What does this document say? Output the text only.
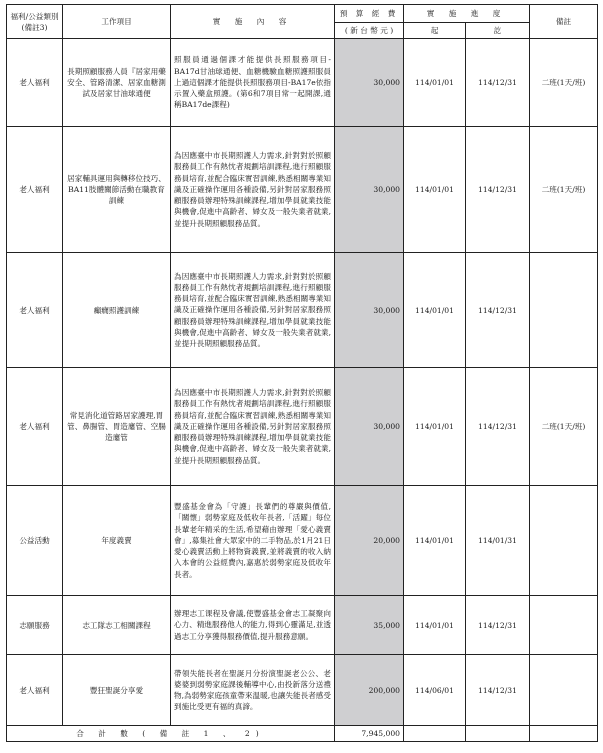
福利/公益類別(備註3)	工作項目	實 施 內 容	預 算 經 費	實 施 進 度		備註
			( 新 台 幣 元 )	起	訖	
老人福利	長期照顧服務人員『居家用藥安全、管路清潔、居家血糖測試及居家甘油球通便	照服員通過個課才能提供長照服務項目-BA17d甘油球通便、血糖機驗血糖照護照服員上過這個課才能提供長照服務項目-BA17e依指示置入藥盒照護。(第6和7項目常一起開課,通稱BA17de課程)	30,000	114/01/01	114/12/31	二班(1天/班)
老人福利	居家輔具運用與轉移位技巧、BA11肢體關節活動在職教育訓練	為因應臺中市長期照護人力需求,針對對於照顧服務員工作有熱忱者規劃培訓課程,進行照顧服務員培育,並配合臨床實習訓練,熟悉相關專業知識及正確操作運用各種設備,另針對居家服務照顧服務員辦理特殊訓練課程,增加學員就業技能與機會,促進中高齡者、婦女及一般失業者就業,並提升長期照顧服務品質。	30,000	114/01/01	114/12/31	二班(1天/班)
老人福利	癲癇照護訓練	為因應臺中市長期照護人力需求,針對對於照顧服務員工作有熱忱者規劃培訓課程,進行照顧服務員培育,並配合臨床實習訓練,熟悉相關專業知識及正確操作運用各種設備,另針對居家服務照顧服務員辦理特殊訓練課程,增加學員就業技能與機會,促進中高齡者、婦女及一般失業者就業,並提升長期照顧服務品質。	30,000	114/01/01	114/12/31	
老人福利	常見消化道管路居家護理,胃管、鼻腸管、胃造廔管、空腸造廔管	為因應臺中市長期照護人力需求,針對對於照顧服務員工作有熱忱者規劃培訓課程,進行照顧服務員培育,並配合臨床實習訓練,熟悉相關專業知識及正確操作運用各種設備,另針對居家服務照顧服務員辦理特殊訓練課程,增加學員就業技能與機會,促進中高齡者、婦女及一般失業者就業,並提升長期照顧服務品質。	30,000	114/01/01	114/12/31	二班(1天/班)
公益活動	年度義賣	豐盛基金會為「守護」長輩們的尊嚴與價值,「關懷」弱勢家庭及低收年長者,「活躍」每位長輩老年精采的生活,希望藉由辦理「愛心義賣會」,募集社會大眾家中的二手物品,於1月21日愛心義賣活動上將物資義賣,並將義賣的收入納入本會的公益經費內,嘉惠於弱勢家庭及低收年長者。	20,000	114/01/01	114/01/31	
志願服務	志工隊志工相關課程	辦理志工课程及會議,使豐盛基金會志工凝聚向心力、精進服務他人的能力,得到心靈滿足,並透過志工分享獲得服務價值,提升服務意願。	35,000	114/01/01	114/12/31	
老人福利	豐狂聖誕分享愛	帶領失能長者在聖誕月分扮演聖誕老公公、老婆婆到弱勢家庭課後輔導中心,由投新落分送禮物,為弱勢家庭孩童帶來温暖,也讓失能長者感受到施比受更有福的真諦。	200,000	114/06/01	114/12/31	
合 計 數 ( 備 註 1 、 2)			7,945,000			
